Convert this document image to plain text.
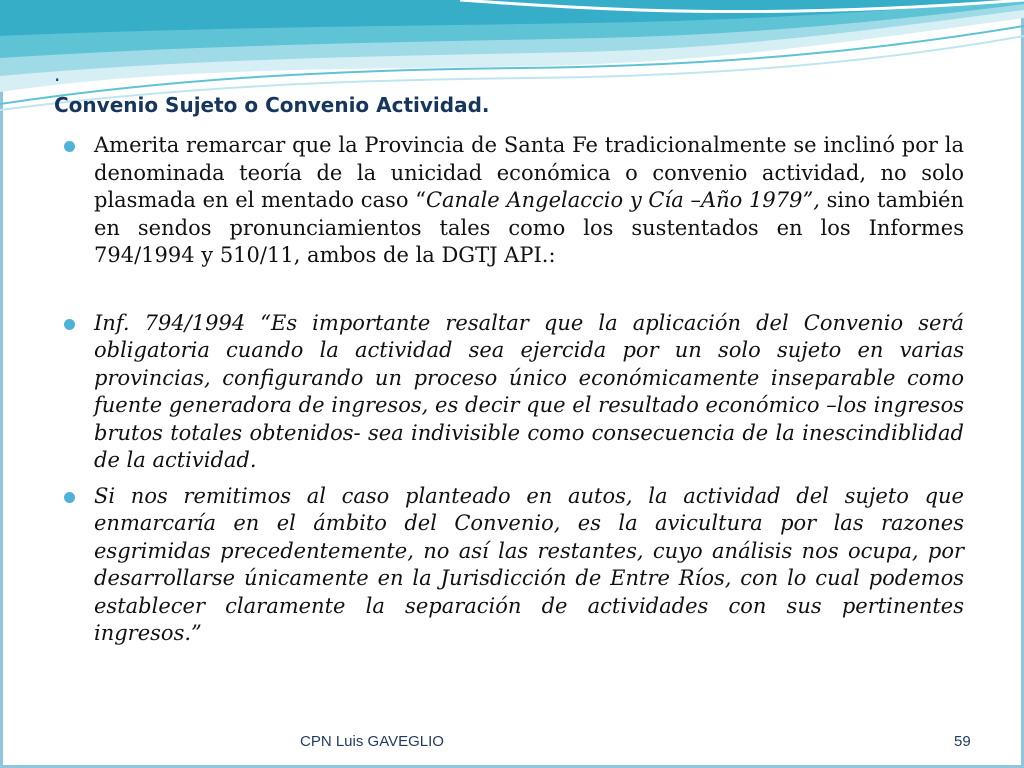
.
Convenio Sujeto o Convenio Actividad.
Amerita remarcar que la Provincia de Santa Fe tradicionalmente se inclinó por la denominada teoría de la unicidad económica o convenio actividad, no solo plasmada en el mentado caso “Canale Angelaccio y Cía –Año 1979”, sino también en sendos pronunciamientos tales como los sustentados en los Informes 794/1994 y 510/11, ambos de la DGTJ API.:
Inf. 794/1994 “Es importante resaltar que la aplicación del Convenio será obligatoria cuando la actividad sea ejercida por un solo sujeto en varias provincias, configurando un proceso único económicamente inseparable como fuente generadora de ingresos, es decir que el resultado económico –los ingresos brutos totales obtenidos- sea indivisible como consecuencia de la inescindiblidad de la actividad.
Si nos remitimos al caso planteado en autos, la actividad del sujeto que enmarcaría en el ámbito del Convenio, es la avicultura por las razones esgrimidas precedentemente, no así las restantes, cuyo análisis nos ocupa, por desarrollarse únicamente en la Jurisdicción de Entre Ríos, con lo cual podemos establecer claramente la separación de actividades con sus pertinentes ingresos.”
CPN Luis GAVEGLIO	59
